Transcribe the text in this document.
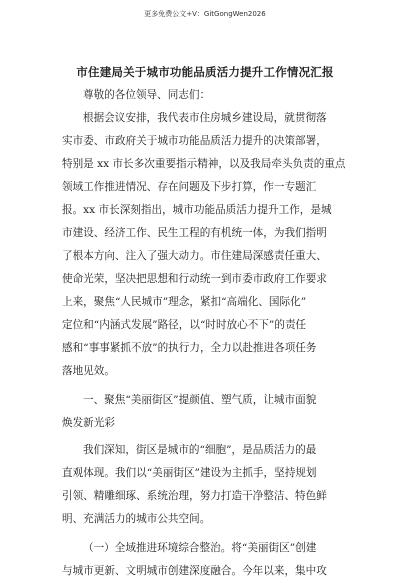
更多免费公文+V：GitGongWen2026
市住建局关于城市功能品质活力提升工作情况汇报

尊敬的各位领导、同志们：

根据会议安排，我代表市住房城乡建设局，就贯彻落
实市委、市政府关于城市功能品质活力提升的决策部署，
特别是 xx 市长多次重要指示精神，以及我局牵头负责的重点
领域工作推进情况、存在问题及下步打算，作一专题汇
报。xx 市长深刻指出，城市功能品质活力提升工作，是城
市建设、经济工作、民生工程的有机统一体，为我们指明
了根本方向、注入了强大动力。市住建局深感责任重大、
使命光荣，坚决把思想和行动统一到市委市政府工作要求
上来，聚焦“人民城市”理念，紧扣“高端化、国际化”
定位和“内涵式发展”路径，以“时时放心不下”的责任
感和“事事紧抓不放”的执行力，全力以赴推进各项任务
落地见效。

一、聚焦“美丽街区”提颜值、塑气质，让城市面貌
焕发新光彩

我们深知，街区是城市的“细胞”，是品质活力的最
直观体现。我们以“美丽街区”建设为主抓手，坚持规划
引领、精雕细琢、系统治理，努力打造干净整洁、特色鲜
明、充满活力的城市公共空间。

（一）全域推进环境综合整治。将“美丽街区”创建
与城市更新、文明城市创建深度融合。今年以来，集中攻
